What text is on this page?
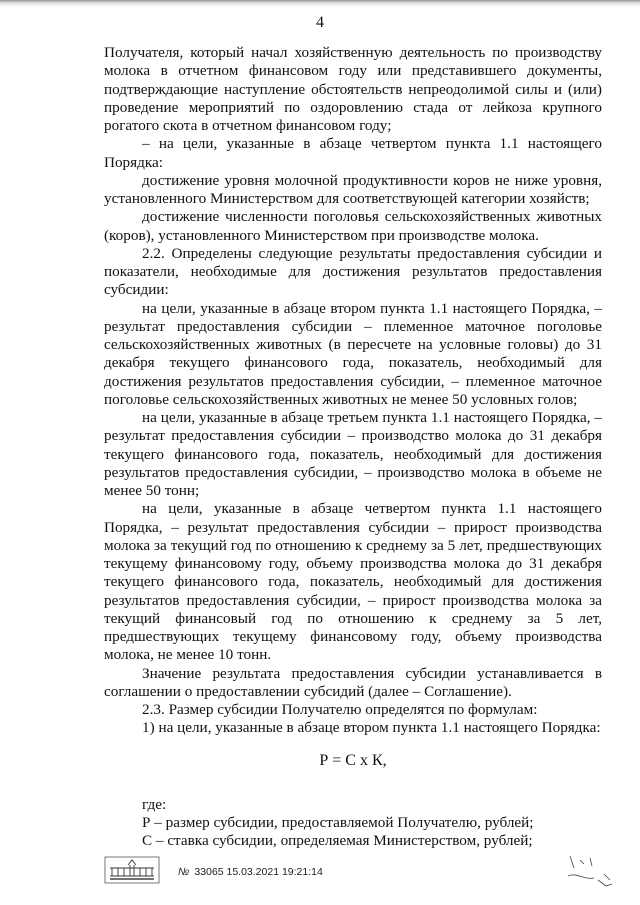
4

Получателя, который начал хозяйственную деятельность по производству молока в отчетном финансовом году или представившего документы, подтверждающие наступление обстоятельств непреодолимой силы и (или) проведение мероприятий по оздоровлению стада от лейкоза крупного рогатого скота в отчетном финансовом году;

– на цели, указанные в абзаце четвертом пункта 1.1 настоящего Порядка:

достижение уровня молочной продуктивности коров не ниже уровня, установленного Министерством для соответствующей категории хозяйств;

достижение численности поголовья сельскохозяйственных животных (коров), установленного Министерством при производстве молока.

2.2. Определены следующие результаты предоставления субсидии и показатели, необходимые для достижения результатов предоставления субсидии:

на цели, указанные в абзаце втором пункта 1.1 настоящего Порядка, – результат предоставления субсидии – племенное маточное поголовье сельскохозяйственных животных (в пересчете на условные головы) до 31 декабря текущего финансового года, показатель, необходимый для достижения результатов предоставления субсидии, – племенное маточное поголовье сельскохозяйственных животных не менее 50 условных голов;

на цели, указанные в абзаце третьем пункта 1.1 настоящего Порядка, – результат предоставления субсидии – производство молока до 31 декабря текущего финансового года, показатель, необходимый для достижения результатов предоставления субсидии, – производство молока в объеме не менее 50 тонн;

на цели, указанные в абзаце четвертом пункта 1.1 настоящего Порядка, – результат предоставления субсидии – прирост производства молока за текущий год по отношению к среднему за 5 лет, предшествующих текущему финансовому году, объему производства молока до 31 декабря текущего финансового года, показатель, необходимый для достижения результатов предоставления субсидии, – прирост производства молока за текущий финансовый год по отношению к среднему за 5 лет, предшествующих текущему финансовому году, объему производства молока, не менее 10 тонн.

Значение результата предоставления субсидии устанавливается в соглашении о предоставлении субсидий (далее – Соглашение).

2.3. Размер субсидии Получателю определятся по формулам:

1) на цели, указанные в абзаце втором пункта 1.1 настоящего Порядка:

Р = С х К,

где:

Р – размер субсидии, предоставляемой Получателю, рублей;

С – ставка субсидии, определяемая Министерством, рублей;

№ 33065 15.03.2021 19:21:14
